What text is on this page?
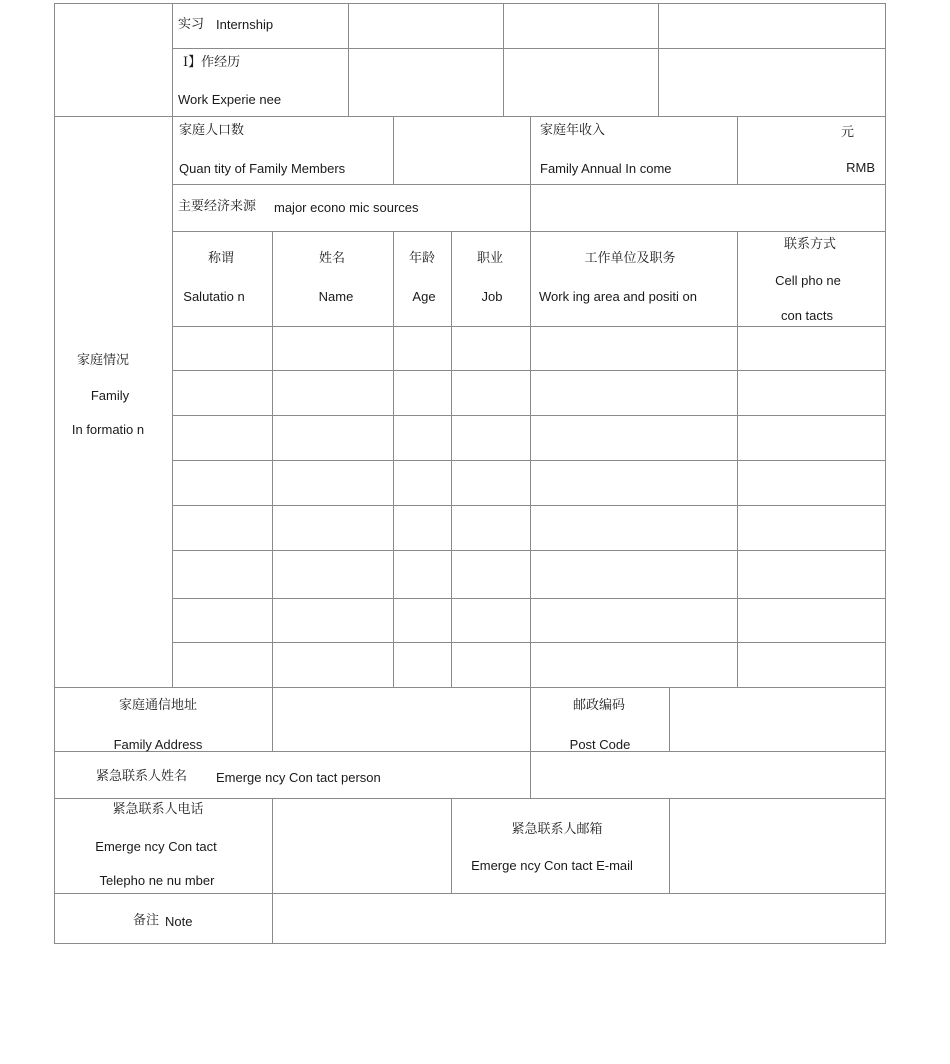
实习 Internship
I】作经历
Work Experie nee
家庭情况
Family
In formatio n
家庭人口数
Quan tity of Family Members
家庭年收入
Family Annual In come
元
RMB
主要经济来源 major econo mic sources
称谓
Salutatio n
姓名
Name
年龄
Age
职业
Job
工作单位及职务
Work ing area and positi on
联系方式
Cell pho ne
con tacts
家庭通信地址
Family Address
邮政编码
Post Code
紧急联系人姓名 Emerge ncy Con tact person
紧急联系人电话
Emerge ncy Con tact
Telepho ne nu mber
紧急联系人邮箱
Emerge ncy Con tact E-mail
备注 Note
